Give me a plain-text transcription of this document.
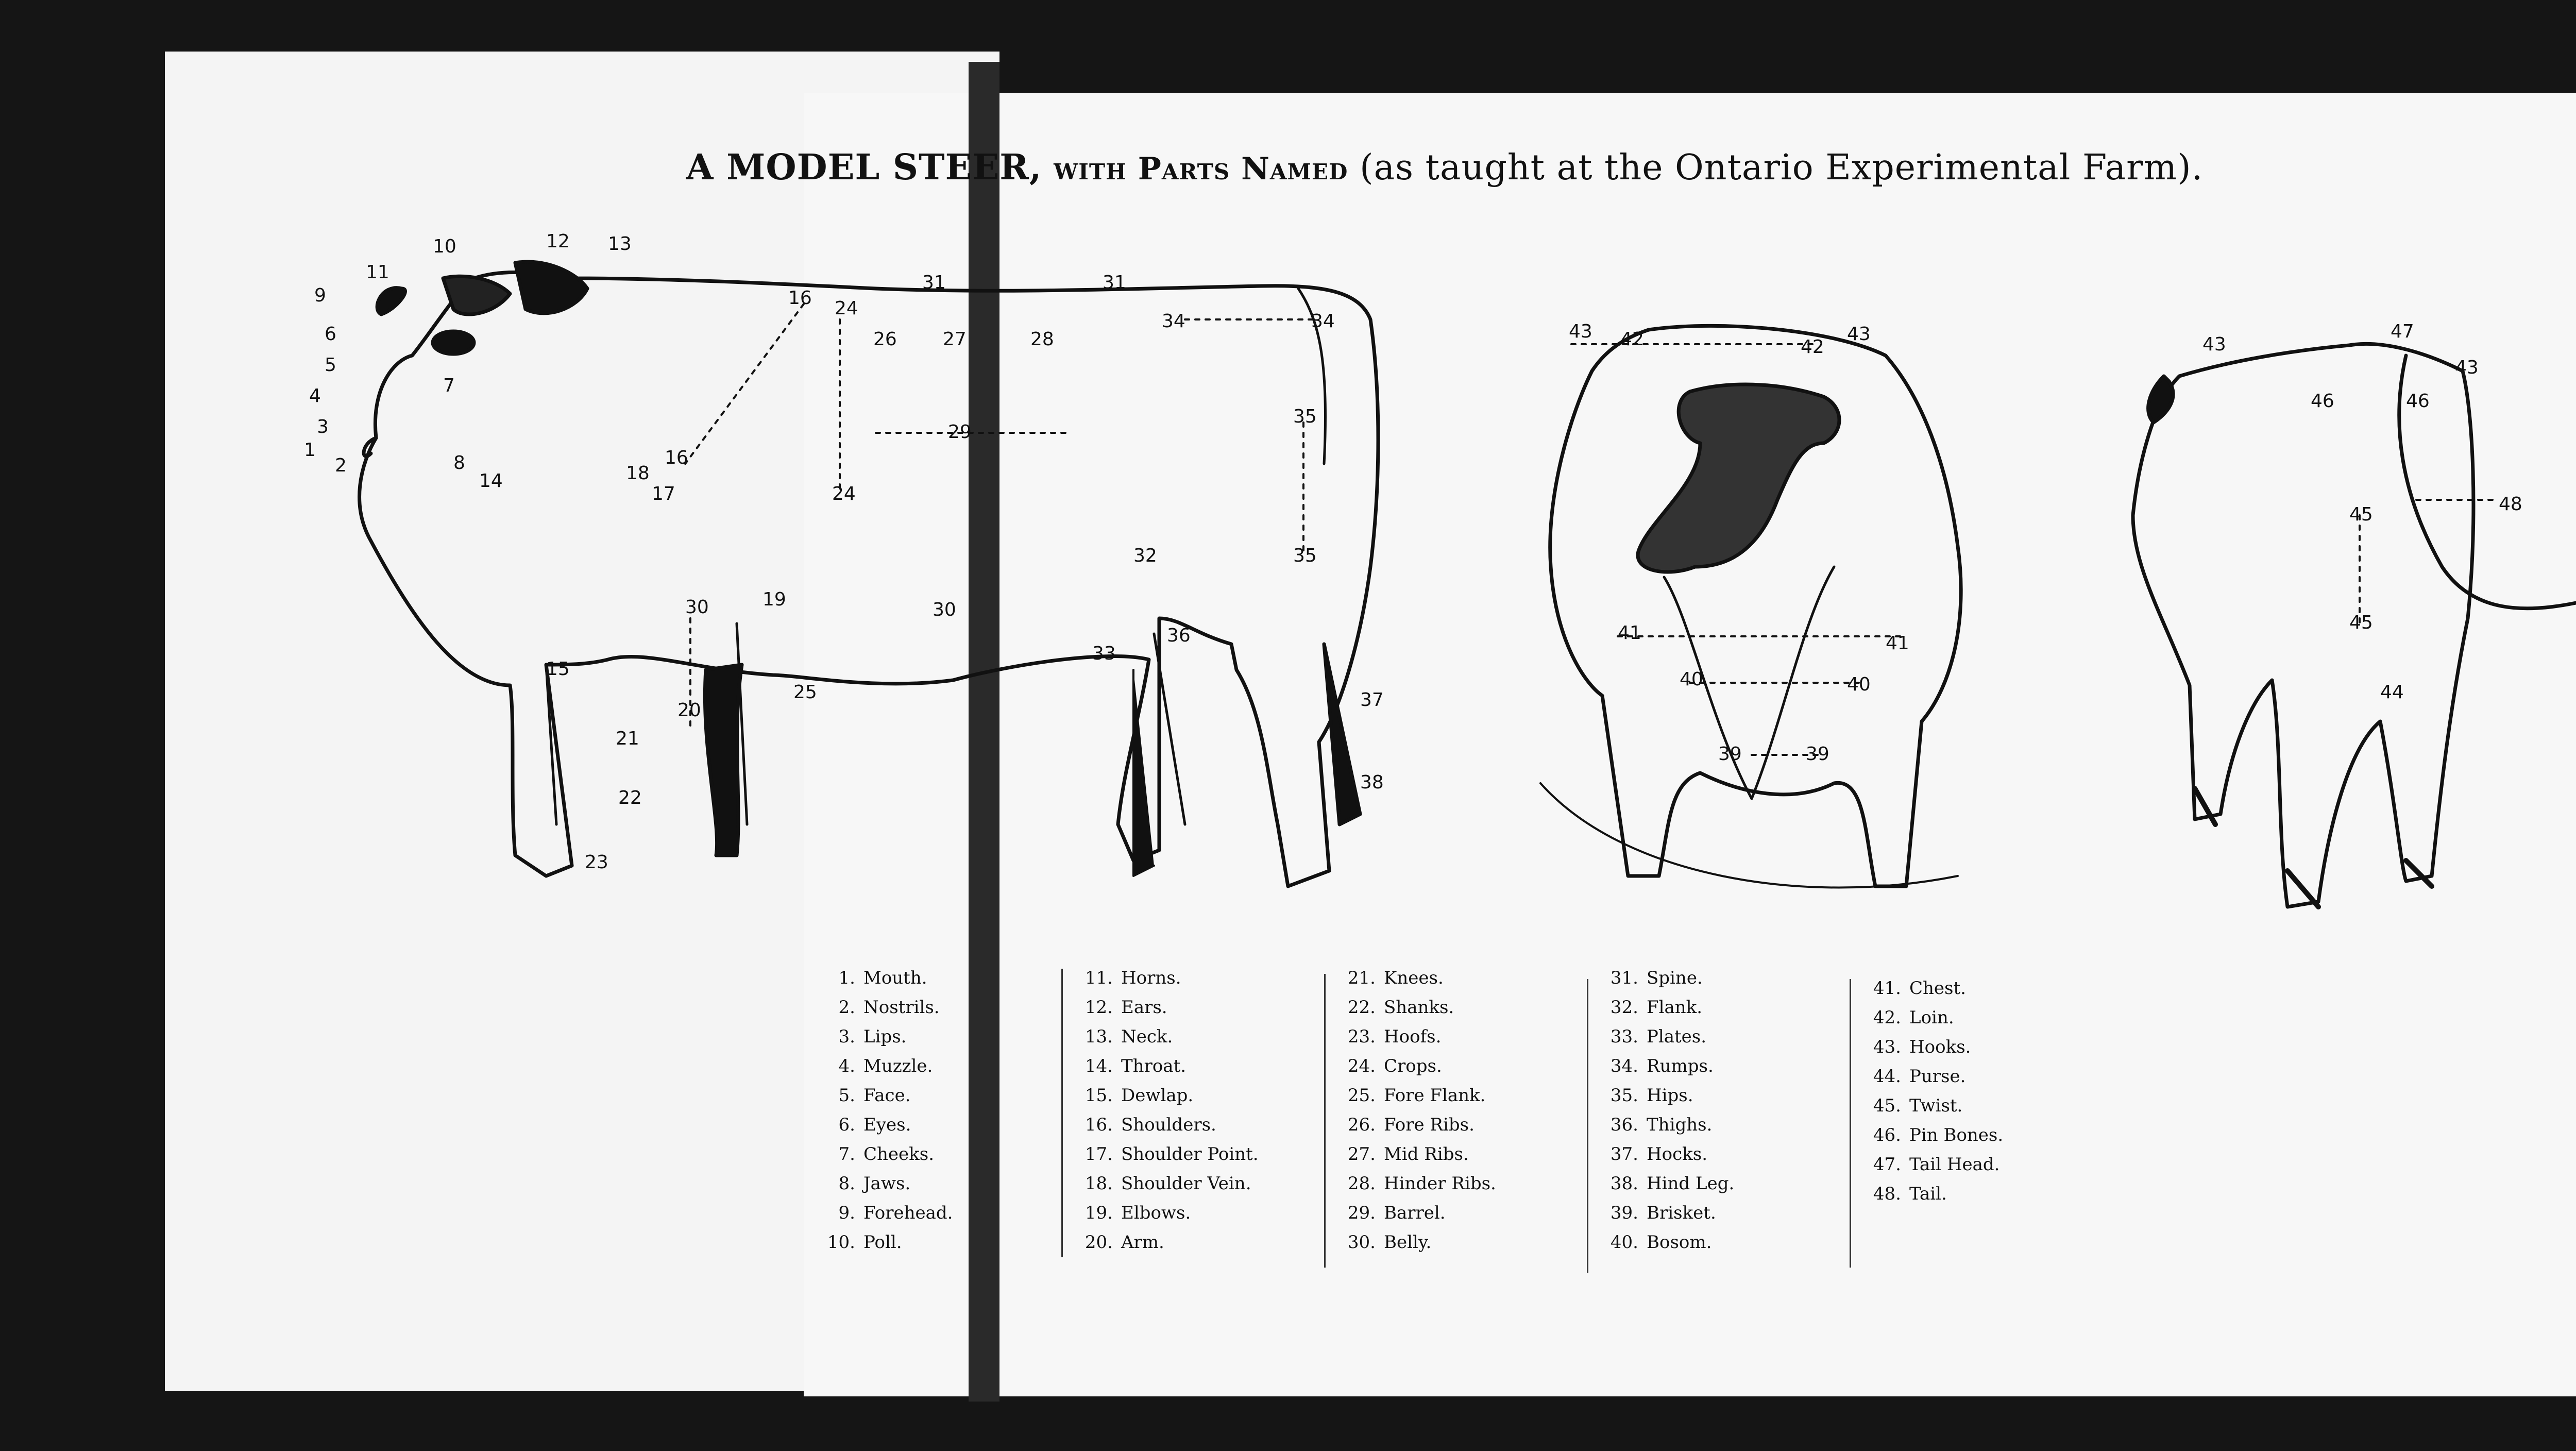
A MODEL STEER, with Parts Named (as taught at the Ontario Experimental Farm).
1
2
3
4
5
6
7
8
9
10
11
12 13
14
15
16
16
17
18
19
20
21
22
23
24
24
25
26 27	28
29
30
30
31	31
32
33
34	34
35
35
36
37
38
43 42	42
43
41	41
40	40
39	39
43
47
43
46	46
48
45
45
44
1. Mouth.
2. Nostrils.
3. Lips.
4. Muzzle.
5. Face.
6. Eyes.
7. Cheeks.
8. Jaws.
9. Forehead.
10. Poll.
11. Horns.
12. Ears.
13. Neck.
14. Throat.
15. Dewlap.
16. Shoulders.
17. Shoulder Point.
18. Shoulder Vein.
19. Elbows.
20. Arm.
21. Knees.
22. Shanks.
23. Hoofs.
24. Crops.
25. Fore Flank.
26. Fore Ribs.
27. Mid Ribs.
28. Hinder Ribs.
29. Barrel.
30. Belly.
31. Spine.
32. Flank.
33. Plates.
34. Rumps.
35. Hips.
36. Thighs.
37. Hocks.
38. Hind Leg.
39. Brisket.
40. Bosom.
41. Chest.
42. Loin.
43. Hooks.
44. Purse.
45. Twist.
46. Pin Bones.
47. Tail Head.
48. Tail.
